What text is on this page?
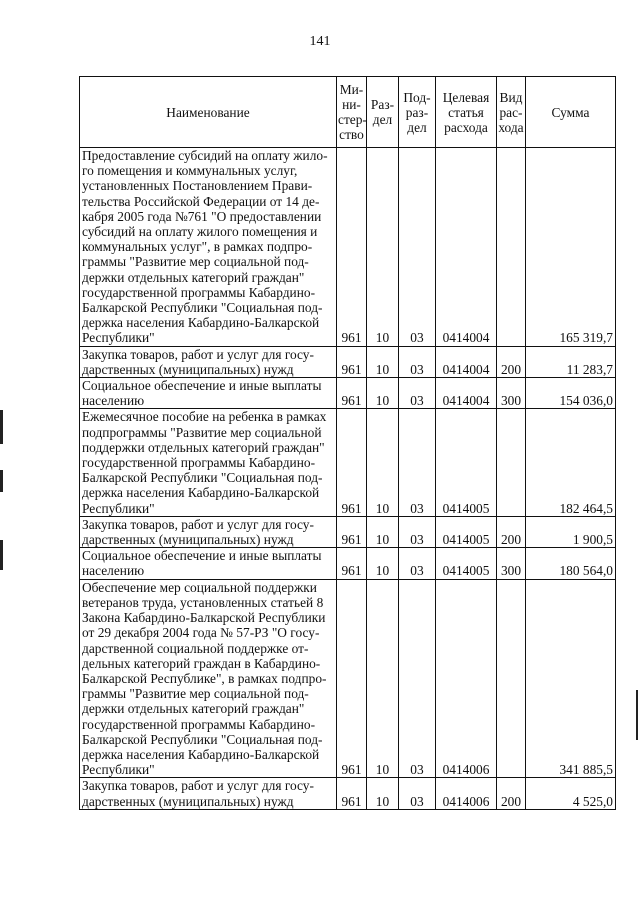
141
Наименование	Ми-ни-стер-ство	Раз-дел	Под-раз-дел	Целевая статья расхода	Вид рас-хода	Сумма
Предоставление субсидий на оплату жило-го помещения и коммунальных услуг, установленных Постановлением Прави-тельства Российской Федерации от 14 де-кабря 2005 года №761 "О предоставлении субсидий на оплату жилого помещения и коммунальных услуг", в рамках подпро-граммы "Развитие мер социальной под-держки отдельных категорий граждан" государственной программы Кабардино-Балкарской Республики "Социальная под-держка населения Кабардино-Балкарской Республики"	961	10	03	0414004		165 319,7
Закупка товаров, работ и услуг для госу-дарственных (муниципальных) нужд	961	10	03	0414004	200	11 283,7
Социальное обеспечение и иные выплаты населению	961	10	03	0414004	300	154 036,0
Ежемесячное пособие на ребенка в рамках подпрограммы "Развитие мер социальной поддержки отдельных категорий граждан" государственной программы Кабардино-Балкарской Республики "Социальная под-держка населения Кабардино-Балкарской Республики"	961	10	03	0414005		182 464,5
Закупка товаров, работ и услуг для госу-дарственных (муниципальных) нужд	961	10	03	0414005	200	1 900,5
Социальное обеспечение и иные выплаты населению	961	10	03	0414005	300	180 564,0
Обеспечение мер социальной поддержки ветеранов труда, установленных статьей 8 Закона Кабардино-Балкарской Республики от 29 декабря 2004 года № 57-РЗ "О госу-дарственной социальной поддержке от-дельных категорий граждан в Кабардино-Балкарской Республике", в рамках подпро-граммы "Развитие мер социальной под-держки отдельных категорий граждан" государственной программы Кабардино-Балкарской Республики "Социальная под-держка населения Кабардино-Балкарской Республики"	961	10	03	0414006		341 885,5
Закупка товаров, работ и услуг для госу-дарственных (муниципальных) нужд	961	10	03	0414006	200	4 525,0
